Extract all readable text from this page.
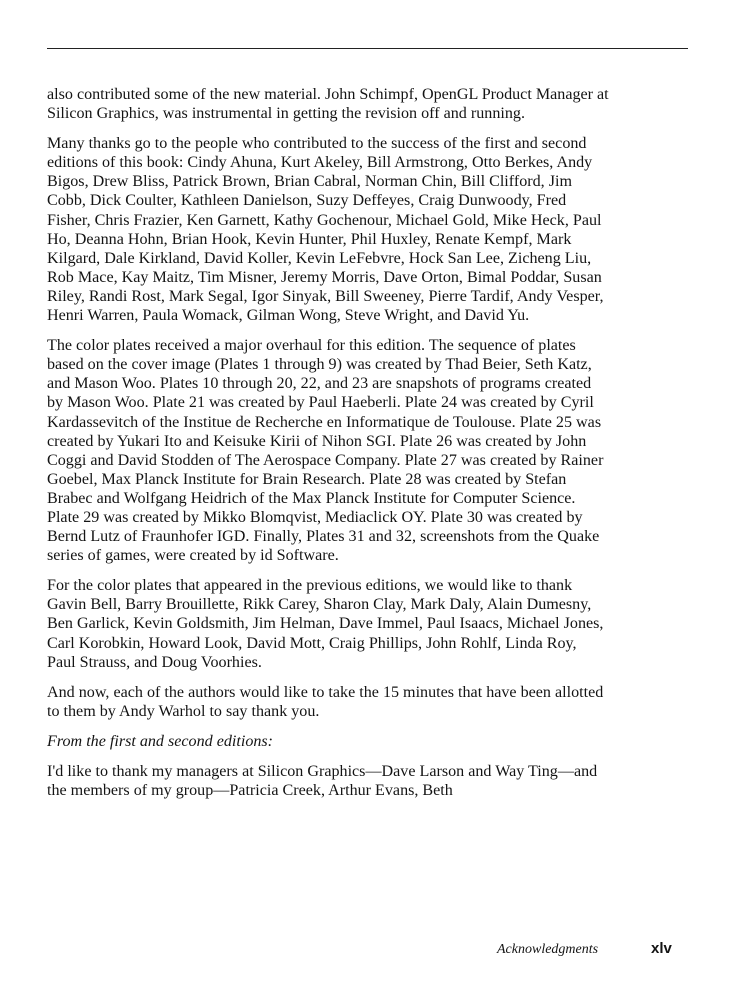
also contributed some of the new material. John Schimpf, OpenGL Product Manager at Silicon Graphics, was instrumental in getting the revision off and running.

Many thanks go to the people who contributed to the success of the first and second editions of this book: Cindy Ahuna, Kurt Akeley, Bill Armstrong, Otto Berkes, Andy Bigos, Drew Bliss, Patrick Brown, Brian Cabral, Norman Chin, Bill Clifford, Jim Cobb, Dick Coulter, Kathleen Danielson, Suzy Deffeyes, Craig Dunwoody, Fred Fisher, Chris Frazier, Ken Garnett, Kathy Gochenour, Michael Gold, Mike Heck, Paul Ho, Deanna Hohn, Brian Hook, Kevin Hunter, Phil Huxley, Renate Kempf, Mark Kilgard, Dale Kirkland, David Koller, Kevin LeFebvre, Hock San Lee, Zicheng Liu, Rob Mace, Kay Maitz, Tim Misner, Jeremy Morris, Dave Orton, Bimal Poddar, Susan Riley, Randi Rost, Mark Segal, Igor Sinyak, Bill Sweeney, Pierre Tardif, Andy Vesper, Henri Warren, Paula Womack, Gilman Wong, Steve Wright, and David Yu.

The color plates received a major overhaul for this edition. The sequence of plates based on the cover image (Plates 1 through 9) was created by Thad Beier, Seth Katz, and Mason Woo. Plates 10 through 20, 22, and 23 are snapshots of programs created by Mason Woo. Plate 21 was created by Paul Haeberli. Plate 24 was created by Cyril Kardassevitch of the Institue de Recherche en Informatique de Toulouse. Plate 25 was created by Yukari Ito and Keisuke Kirii of Nihon SGI. Plate 26 was created by John Coggi and David Stodden of The Aerospace Company. Plate 27 was created by Rainer Goebel, Max Planck Institute for Brain Research. Plate 28 was created by Stefan Brabec and Wolfgang Heidrich of the Max Planck Institute for Computer Science. Plate 29 was created by Mikko Blomqvist, Mediaclick OY. Plate 30 was created by Bernd Lutz of Fraunhofer IGD. Finally, Plates 31 and 32, screenshots from the Quake series of games, were created by id Software.

For the color plates that appeared in the previous editions, we would like to thank Gavin Bell, Barry Brouillette, Rikk Carey, Sharon Clay, Mark Daly, Alain Dumesny, Ben Garlick, Kevin Goldsmith, Jim Helman, Dave Immel, Paul Isaacs, Michael Jones, Carl Korobkin, Howard Look, David Mott, Craig Phillips, John Rohlf, Linda Roy, Paul Strauss, and Doug Voorhies.

And now, each of the authors would like to take the 15 minutes that have been allotted to them by Andy Warhol to say thank you.

From the first and second editions:

I'd like to thank my managers at Silicon Graphics—Dave Larson and Way Ting—and the members of my group—Patricia Creek, Arthur Evans, Beth

Acknowledgments	xlv
